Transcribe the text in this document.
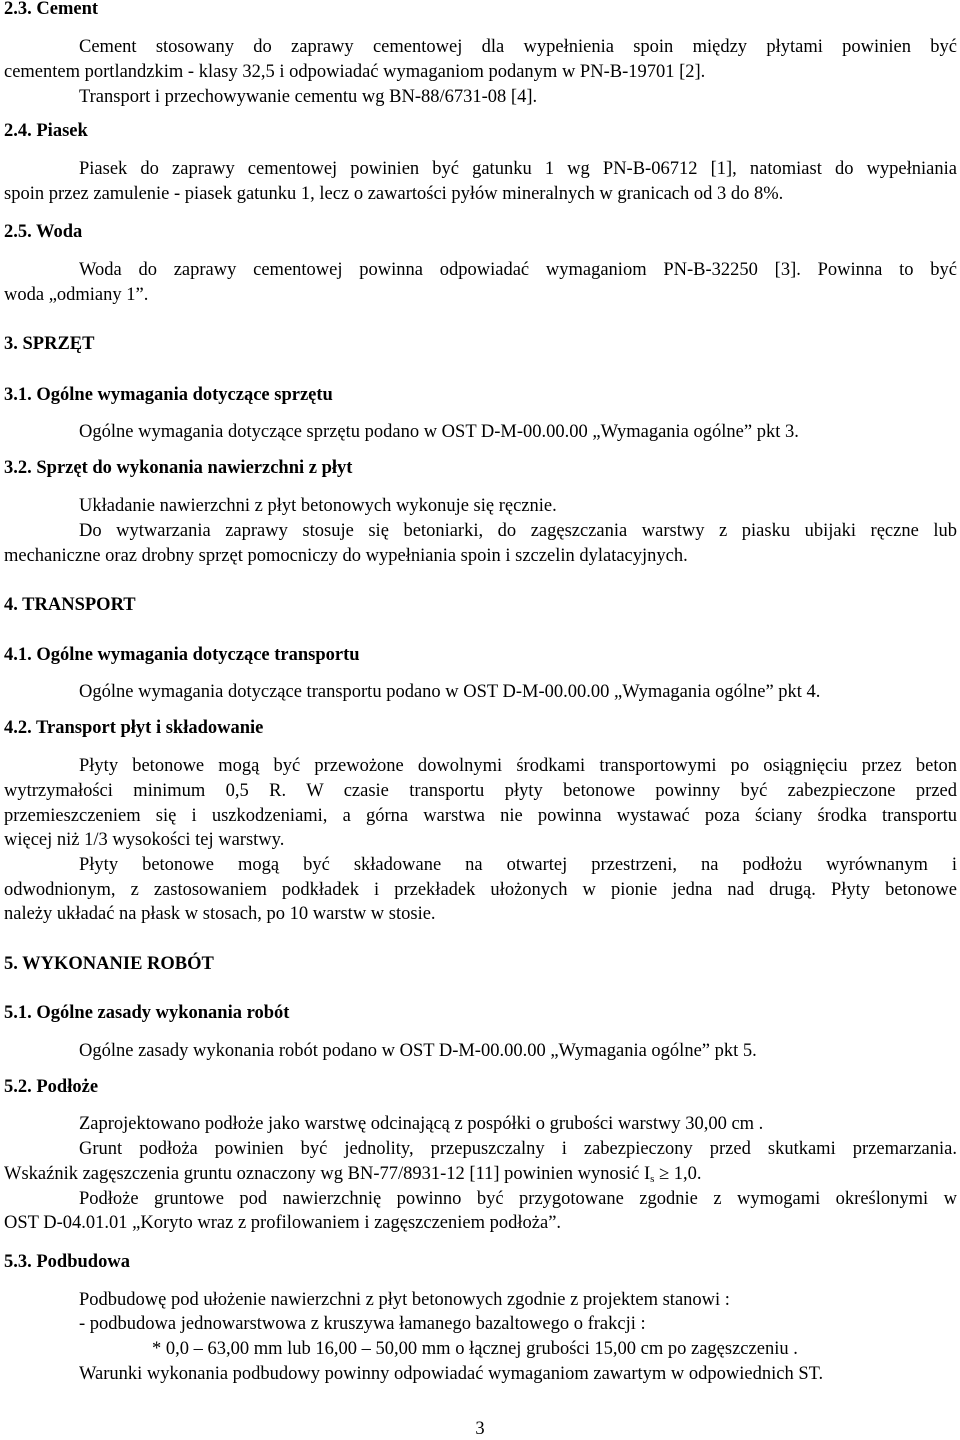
2.3. Cement
Cement stosowany do zaprawy cementowej dla wypełnienia spoin między płytami powinien być
cementem portlandzkim - klasy 32,5 i odpowiadać wymaganiom podanym w PN-B-19701 [2].
Transport i przechowywanie cementu wg BN-88/6731-08 [4].
2.4. Piasek
Piasek do zaprawy cementowej powinien być gatunku 1 wg PN-B-06712 [1], natomiast do wypełniania
spoin przez zamulenie - piasek gatunku 1, lecz o zawartości pyłów mineralnych w granicach od 3 do 8%.
2.5. Woda
Woda do zaprawy cementowej powinna odpowiadać wymaganiom PN-B-32250 [3]. Powinna to być
woda „odmiany 1”.
3. SPRZĘT
3.1. Ogólne wymagania dotyczące sprzętu
Ogólne wymagania dotyczące sprzętu podano w OST D-M-00.00.00 „Wymagania ogólne” pkt 3.
3.2. Sprzęt do wykonania nawierzchni z płyt
Układanie nawierzchni z płyt betonowych wykonuje się ręcznie.
Do wytwarzania zaprawy stosuje się betoniarki, do zagęszczania warstwy z piasku ubijaki ręczne lub
mechaniczne oraz drobny sprzęt pomocniczy do wypełniania spoin i szczelin dylatacyjnych.
4. TRANSPORT
4.1. Ogólne wymagania dotyczące transportu
Ogólne wymagania dotyczące transportu podano w OST D-M-00.00.00 „Wymagania ogólne” pkt 4.
4.2. Transport płyt i składowanie
Płyty betonowe mogą być przewożone dowolnymi środkami transportowymi po osiągnięciu przez beton
wytrzymałości minimum 0,5 R. W czasie transportu płyty betonowe powinny być zabezpieczone przed
przemieszczeniem się i uszkodzeniami, a górna warstwa nie powinna wystawać poza ściany środka transportu
więcej niż 1/3 wysokości tej warstwy.
Płyty betonowe mogą być składowane na otwartej przestrzeni, na podłożu wyrównanym i
odwodnionym, z zastosowaniem podkładek i przekładek ułożonych w pionie jedna nad drugą. Płyty betonowe
należy układać na płask w stosach, po 10 warstw w stosie.
5. WYKONANIE ROBÓT
5.1. Ogólne zasady wykonania robót
Ogólne zasady wykonania robót podano w OST D-M-00.00.00 „Wymagania ogólne” pkt 5.
5.2. Podłoże
Zaprojektowano podłoże jako warstwę odcinającą z pospółki o grubości warstwy 30,00 cm .
Grunt podłoża powinien być jednolity, przepuszczalny i zabezpieczony przed skutkami przemarzania.
Wskaźnik zagęszczenia gruntu oznaczony wg BN-77/8931-12 [11] powinien wynosić $I_s \ge 1,0$.
Podłoże gruntowe pod nawierzchnię powinno być przygotowane zgodnie z wymogami określonymi w
OST D-04.01.01 „Koryto wraz z profilowaniem i zagęszczeniem podłoża”.
5.3. Podbudowa
Podbudowę pod ułożenie nawierzchni z płyt betonowych zgodnie z projektem stanowi :
- podbudowa jednowarstwowa z kruszywa łamanego bazaltowego o frakcji :
* 0,0 – 63,00 mm lub 16,00 – 50,00 mm o łącznej grubości 15,00 cm po zagęszczeniu .
Warunki wykonania podbudowy powinny odpowiadać wymaganiom zawartym w odpowiednich ST.
3
